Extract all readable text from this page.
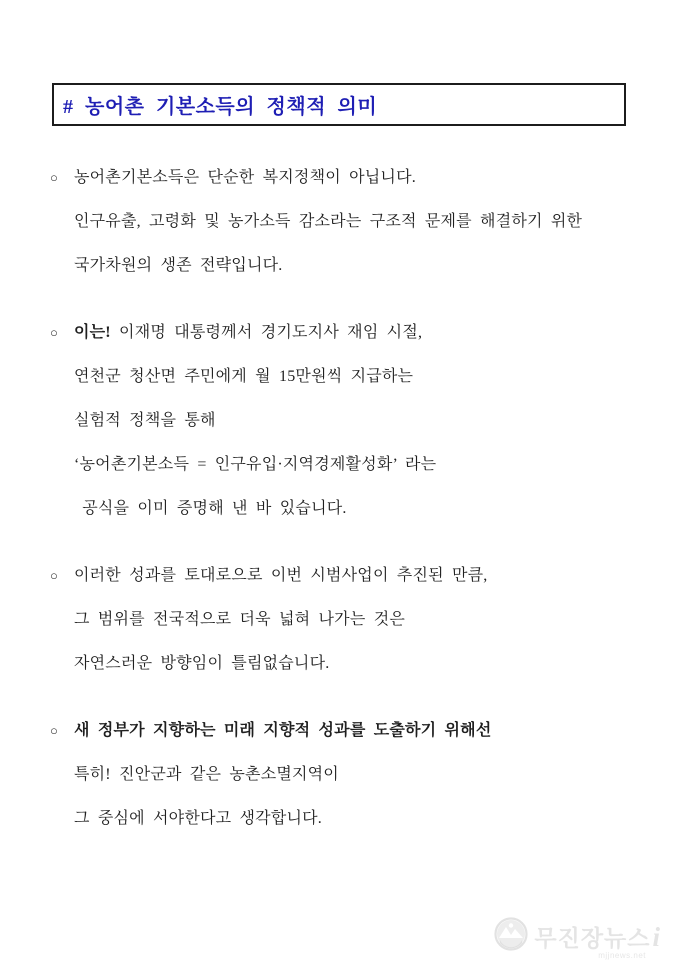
# 농어촌 기본소득의 정책적 의미
○	농어촌기본소득은 단순한 복지정책이 아닙니다.
인구유출, 고령화 및 농가소득 감소라는 구조적 문제를 해결하기 위한
국가차원의 생존 전략입니다.
○	이는! 이재명 대통령께서 경기도지사 재임 시절,
연천군 청산면 주민에게 월 15만원씩 지급하는
실험적 정책을 통해
‘농어촌기본소득 = 인구유입·지역경제활성화’ 라는
공식을 이미 증명해 낸 바 있습니다.
○	이러한 성과를 토대로으로 이번 시범사업이 추진된 만큼,
그 범위를 전국적으로 더욱 넓혀 나가는 것은
자연스러운 방향임이 틀림없습니다.
○	새 정부가 지향하는 미래 지향적 성과를 도출하기 위해선
특히! 진안군과 같은 농촌소멸지역이
그 중심에 서야한다고 생각합니다.
무진장뉴스 i
mjjnews.net
